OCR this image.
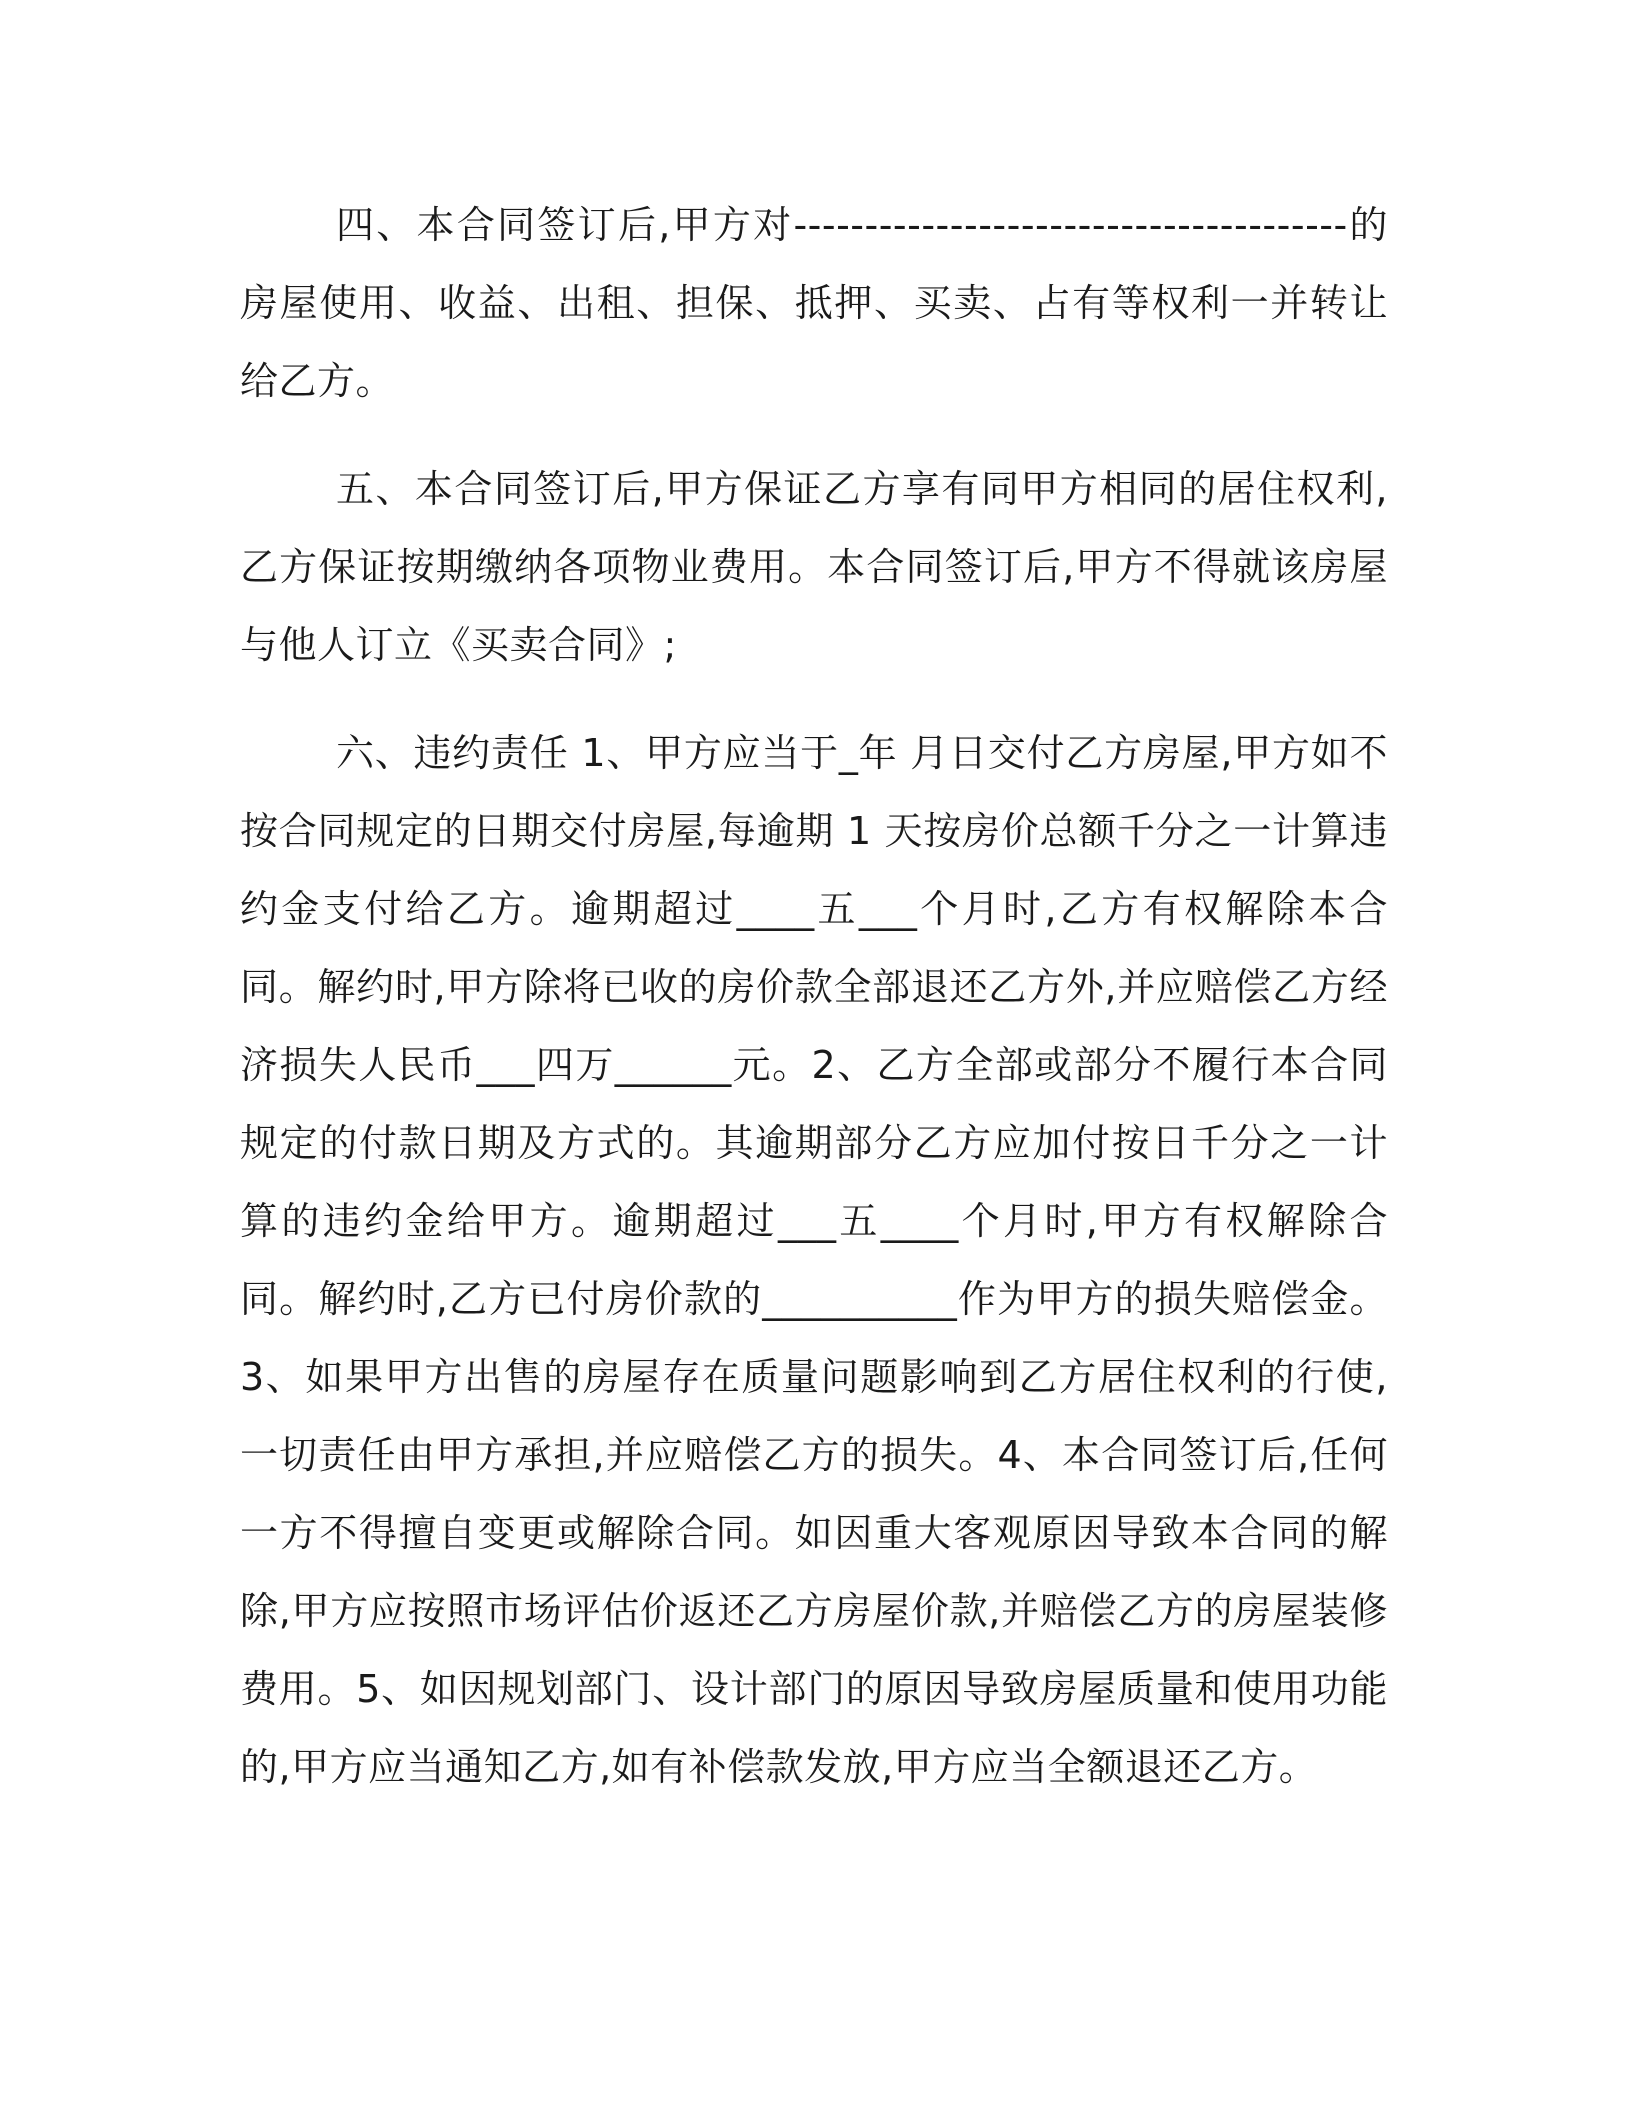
四、本合同签订后,甲方对---------------------------------------的房屋使用、收益、出租、担保、抵押、买卖、占有等权利一并转让给乙方。

五、本合同签订后,甲方保证乙方享有同甲方相同的居住权利,乙方保证按期缴纳各项物业费用。本合同签订后,甲方不得就该房屋与他人订立《买卖合同》;

六、违约责任 1、甲方应当于_年 月日交付乙方房屋,甲方如不按合同规定的日期交付房屋,每逾期 1 天按房价总额千分之一计算违约金支付给乙方。逾期超过____五___个月时,乙方有权解除本合同。解约时,甲方除将已收的房价款全部退还乙方外,并应赔偿乙方经济损失人民币___四万______元。2、乙方全部或部分不履行本合同规定的付款日期及方式的。其逾期部分乙方应加付按日千分之一计算的违约金给甲方。逾期超过___五____个月时,甲方有权解除合同。解约时,乙方已付房价款的__________作为甲方的损失赔偿金。3、如果甲方出售的房屋存在质量问题影响到乙方居住权利的行使,一切责任由甲方承担,并应赔偿乙方的损失。4、本合同签订后,任何一方不得擅自变更或解除合同。如因重大客观原因导致本合同的解除,甲方应按照市场评估价返还乙方房屋价款,并赔偿乙方的房屋装修费用。5、如因规划部门、设计部门的原因导致房屋质量和使用功能的,甲方应当通知乙方,如有补偿款发放,甲方应当全额退还乙方。
